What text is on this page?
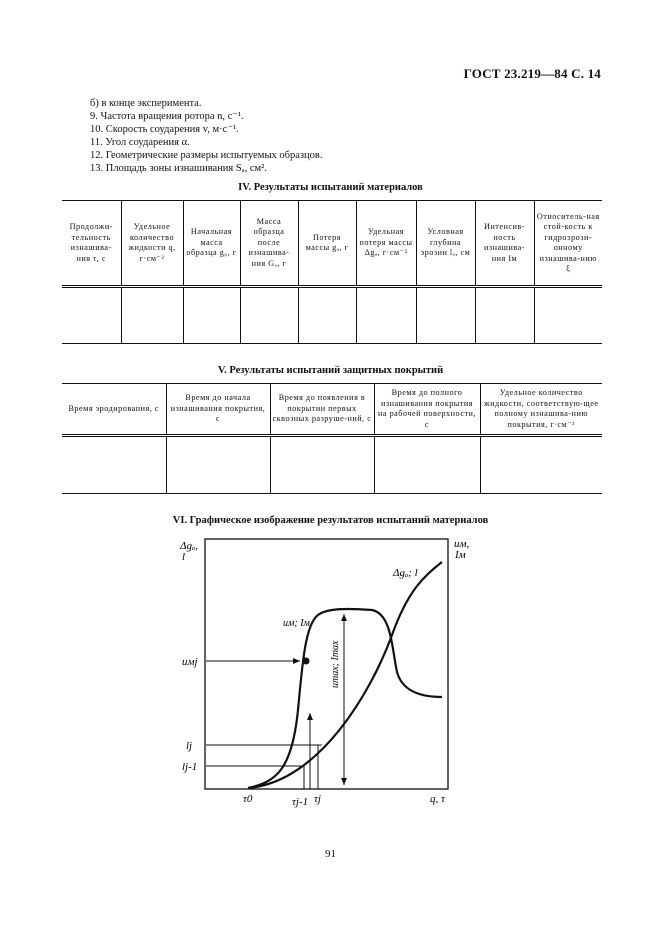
ГОСТ 23.219—84 С. 14
б) в конце эксперимента.
9. Частота вращения ротора n, с⁻¹.
10. Скорость соударения v, м·с⁻¹.
11. Угол соударения α.
12. Геометрические размеры испытуемых образцов.
13. Площадь зоны изнашивания Sₐ, см².
IV. Результаты испытаний материалов
Продолжи-тельность изнашива-ния τ, с	Удельное количество жидкости q, г·см⁻²	Начальная масса образца g₀, г	Масса образца после изнашива-ния Gₐ, г	Потеря массы gₐ, г	Удельная потеря массы Δgₐ, г·см⁻²	Условная глубина эрозии lₐ, см	Интенсив-ность изнашива-ния Iм	Относитель-ная стой-кость к гидроэрози-онному изнашива-нию ξ

V. Результаты испытаний защитных покрытий
Время эродирования, с	Время до начала изнашивания покрытия, с	Время до появления в покрытии первых сквозных разруше-ний, с	Время до полного изнашивания покрытия на рабочей поверхности, с	Удельное количество жидкости, соответствую-щее полному изнашива-нию покрытия, г·см⁻²

VI. Графическое изображение результатов испытаний материалов
Δgₐ,
l
uм,
Iм
Δgₐ; l
uм; Iм
umax; Imax
uмj
lj
lj-1
τ0	τj-1 τj	q, τ
91
